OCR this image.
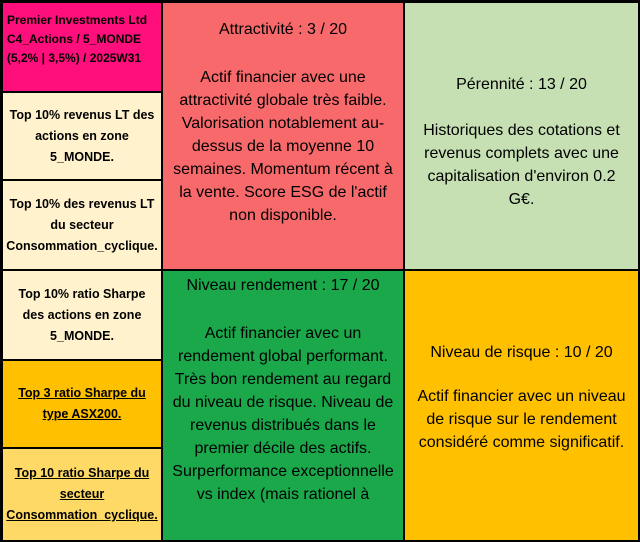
Premier Investments Ltd C4_Actions / 5_MONDE (5,2% | 3,5%) / 2025W31
Top 10% revenus LT des actions en zone 5_MONDE.
Top 10% des revenus LT du secteur Consommation_cyclique.
Top 10% ratio Sharpe des actions en zone 5_MONDE.
Top 3 ratio Sharpe du type ASX200.
Top 10 ratio Sharpe du secteur Consommation_cyclique.
Attractivité : 3 / 20
Actif financier avec une attractivité globale très faible. Valorisation notablement au-dessus de la moyenne 10 semaines. Momentum récent à la vente. Score ESG de l'actif non disponible.
Pérennité : 13 / 20
Historiques des cotations et revenus complets avec une capitalisation d'environ 0.2 G€.
Niveau rendement : 17 / 20
Actif financier avec un rendement global performant. Très bon rendement au regard du niveau de risque. Niveau de revenus distribués dans le premier décile des actifs. Surperformance exceptionnelle vs index (mais rationel à
Niveau de risque : 10 / 20
Actif financier avec un niveau de risque sur le rendement considéré comme significatif.
